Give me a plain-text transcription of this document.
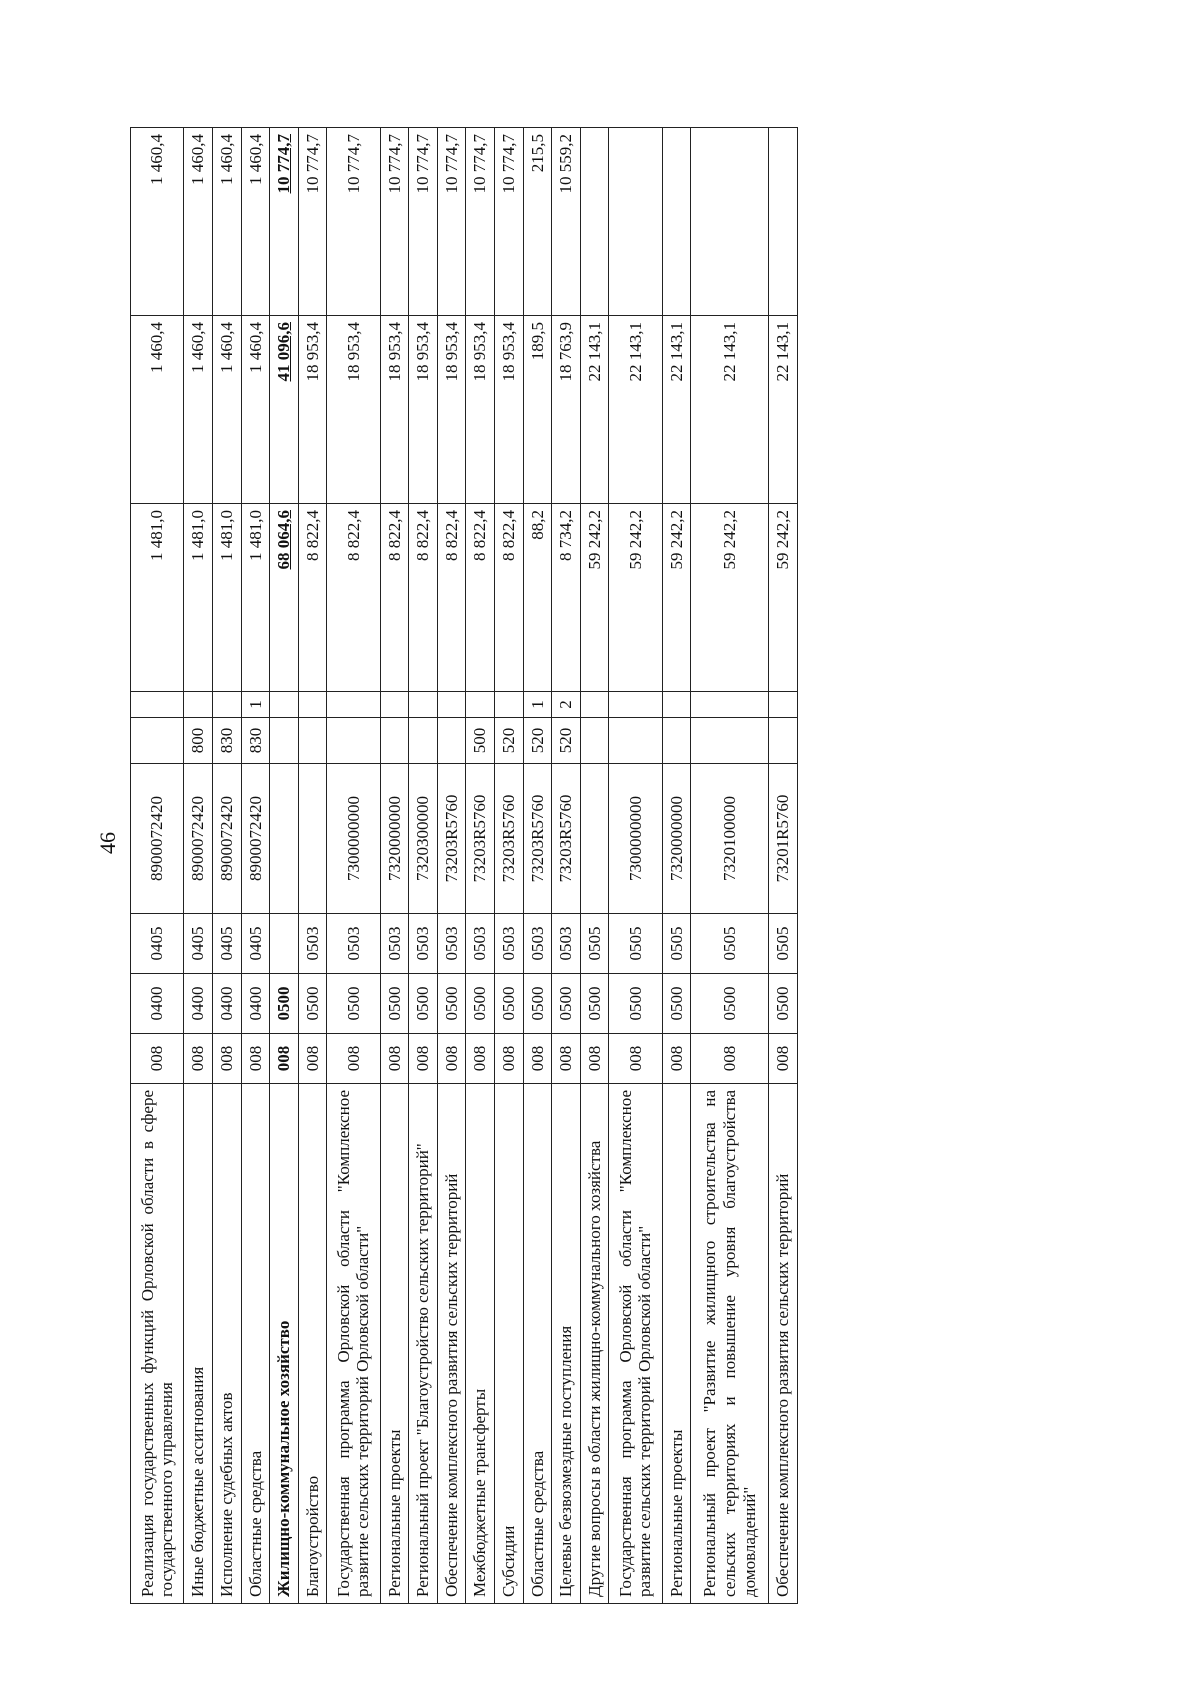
46
Реализация государственных функций Орловской области в сфере государственного управления	008	0400	0405	8900072420			1 481,0	1 460,4	1 460,4
Иные бюджетные ассигнования	008	0400	0405	8900072420	800		1 481,0	1 460,4	1 460,4
Исполнение судебных актов	008	0400	0405	8900072420	830		1 481,0	1 460,4	1 460,4
Областные средства	008	0400	0405	8900072420	830	1	1 481,0	1 460,4	1 460,4
Жилищно-коммунальное хозяйство	008	0500					68 064,6	41 096,6	10 774,7
Благоустройство	008	0500	0503				8 822,4	18 953,4	10 774,7
Государственная программа Орловской области "Комплексное развитие сельских территорий Орловской области"	008	0500	0503	7300000000			8 822,4	18 953,4	10 774,7
Региональные проекты	008	0500	0503	7320000000			8 822,4	18 953,4	10 774,7
Региональный проект "Благоустройство сельских территорий"	008	0500	0503	7320300000			8 822,4	18 953,4	10 774,7
Обеспечение комплексного развития сельских территорий	008	0500	0503	73203R5760			8 822,4	18 953,4	10 774,7
Межбюджетные трансферты	008	0500	0503	73203R5760	500		8 822,4	18 953,4	10 774,7
Субсидии	008	0500	0503	73203R5760	520		8 822,4	18 953,4	10 774,7
Областные средства	008	0500	0503	73203R5760	520	1	88,2	189,5	215,5
Целевые безвозмездные поступления	008	0500	0503	73203R5760	520	2	8 734,2	18 763,9	10 559,2
Другие вопросы в области жилищно-коммунального хозяйства	008	0500	0505				59 242,2	22 143,1	
Государственная программа Орловской области "Комплексное развитие сельских территорий Орловской области"	008	0500	0505	7300000000			59 242,2	22 143,1	
Региональные проекты	008	0500	0505	7320000000			59 242,2	22 143,1	
Региональный проект "Развитие жилищного строительства на сельских территориях и повышение уровня благоустройства домовладений"	008	0500	0505	7320100000			59 242,2	22 143,1	
Обеспечение комплексного развития сельских территорий	008	0500	0505	73201R5760			59 242,2	22 143,1	
